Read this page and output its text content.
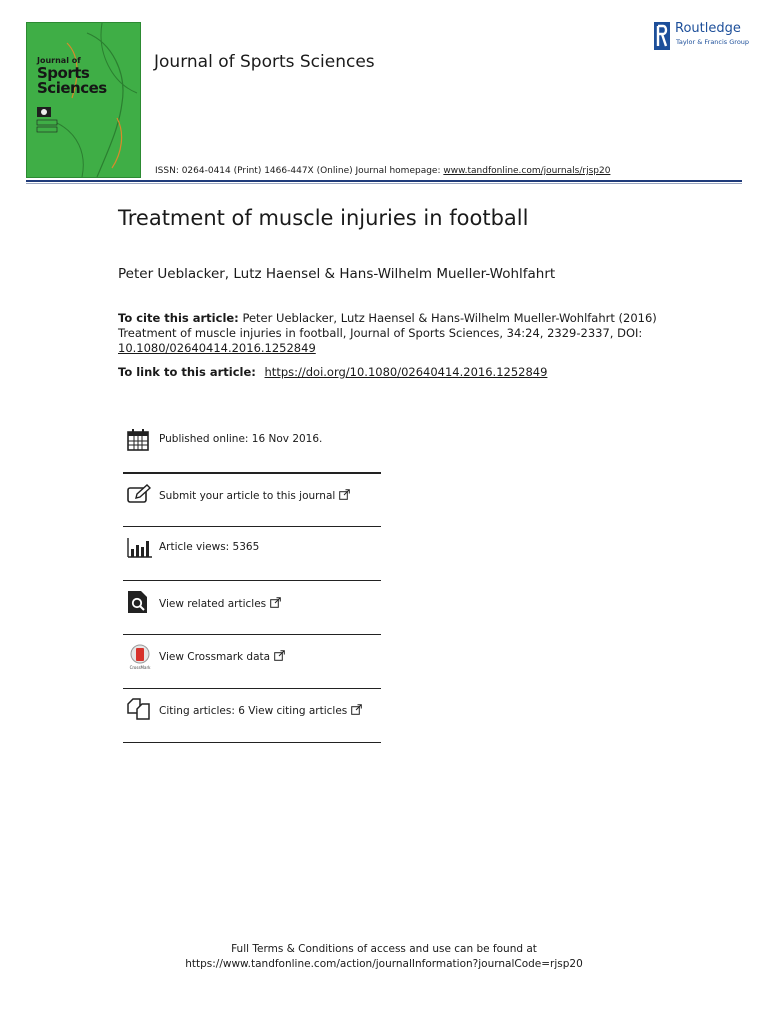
Journal of
Sports
Sciences
Journal of Sports Sciences
ISSN: 0264-0414 (Print) 1466-447X (Online) Journal homepage: www.tandfonline.com/journals/rjsp20
Routledge
Taylor & Francis Group
Treatment of muscle injuries in football
Peter Ueblacker, Lutz Haensel & Hans-Wilhelm Mueller-Wohlfahrt
To cite this article: Peter Ueblacker, Lutz Haensel & Hans-Wilhelm Mueller-Wohlfahrt (2016) Treatment of muscle injuries in football, Journal of Sports Sciences, 34:24, 2329-2337, DOI: 10.1080/02640414.2016.1252849
To link to this article: https://doi.org/10.1080/02640414.2016.1252849
Published online: 16 Nov 2016.
Submit your article to this journal
Article views: 5365
View related articles
CrossMark
View Crossmark data
Citing articles: 6 View citing articles
Full Terms & Conditions of access and use can be found at
https://www.tandfonline.com/action/journalInformation?journalCode=rjsp20
